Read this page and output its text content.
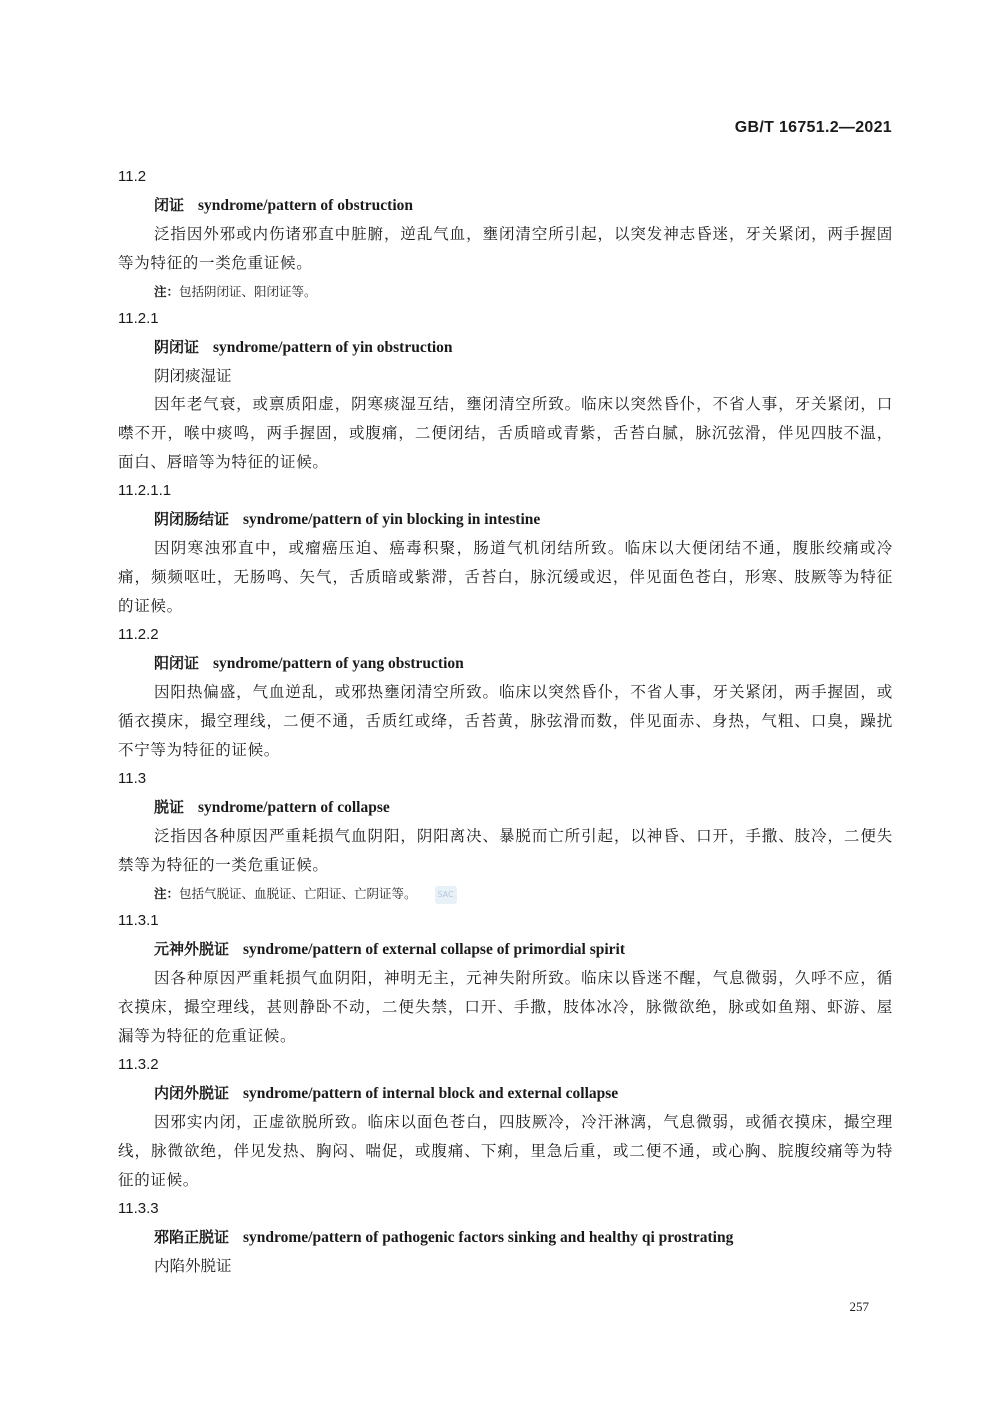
GB/T 16751.2—2021
11.2
闭证 syndrome/pattern of obstruction

泛指因外邪或内伤诸邪直中脏腑，逆乱气血，壅闭清空所引起，以突发神志昏迷，牙关紧闭，两手握固等为特征的一类危重证候。

注：包括阴闭证、阳闭证等。
11.2.1
阴闭证 syndrome/pattern of yin obstruction
阴闭痰湿证

因年老气衰，或禀质阳虚，阴寒痰湿互结，壅闭清空所致。临床以突然昏仆，不省人事，牙关紧闭，口噤不开，喉中痰鸣，两手握固，或腹痛，二便闭结，舌质暗或青紫，舌苔白腻，脉沉弦滑，伴见四肢不温，面白、唇暗等为特征的证候。

11.2.1.1
阴闭肠结证 syndrome/pattern of yin blocking in intestine

因阴寒浊邪直中，或瘤癌压迫、癌毒积聚，肠道气机闭结所致。临床以大便闭结不通，腹胀绞痛或冷痛，频频呕吐，无肠鸣、矢气，舌质暗或紫滞，舌苔白，脉沉缓或迟，伴见面色苍白，形寒、肢厥等为特征的证候。

11.2.2
阳闭证 syndrome/pattern of yang obstruction

因阳热偏盛，气血逆乱，或邪热壅闭清空所致。临床以突然昏仆，不省人事，牙关紧闭，两手握固，或循衣摸床，撮空理线，二便不通，舌质红或绛，舌苔黄，脉弦滑而数，伴见面赤、身热，气粗、口臭，躁扰不宁等为特征的证候。

11.3
脱证 syndrome/pattern of collapse

泛指因各种原因严重耗损气血阴阳，阴阳离决、暴脱而亡所引起，以神昏、口开，手撒、肢冷，二便失禁等为特征的一类危重证候。

注：包括气脱证、血脱证、亡阳证、亡阴证等。	SAC
11.3.1
元神外脱证 syndrome/pattern of external collapse of primordial spirit

因各种原因严重耗损气血阴阳，神明无主，元神失附所致。临床以昏迷不醒，气息微弱，久呼不应，循衣摸床，撮空理线，甚则静卧不动，二便失禁，口开、手撒，肢体冰冷，脉微欲绝，脉或如鱼翔、虾游、屋漏等为特征的危重证候。

11.3.2
内闭外脱证 syndrome/pattern of internal block and external collapse

因邪实内闭，正虚欲脱所致。临床以面色苍白，四肢厥冷，冷汗淋漓，气息微弱，或循衣摸床，撮空理线，脉微欲绝，伴见发热、胸闷、喘促，或腹痛、下痢，里急后重，或二便不通，或心胸、脘腹绞痛等为特征的证候。

11.3.3
邪陷正脱证 syndrome/pattern of pathogenic factors sinking and healthy qi prostrating
内陷外脱证
257
